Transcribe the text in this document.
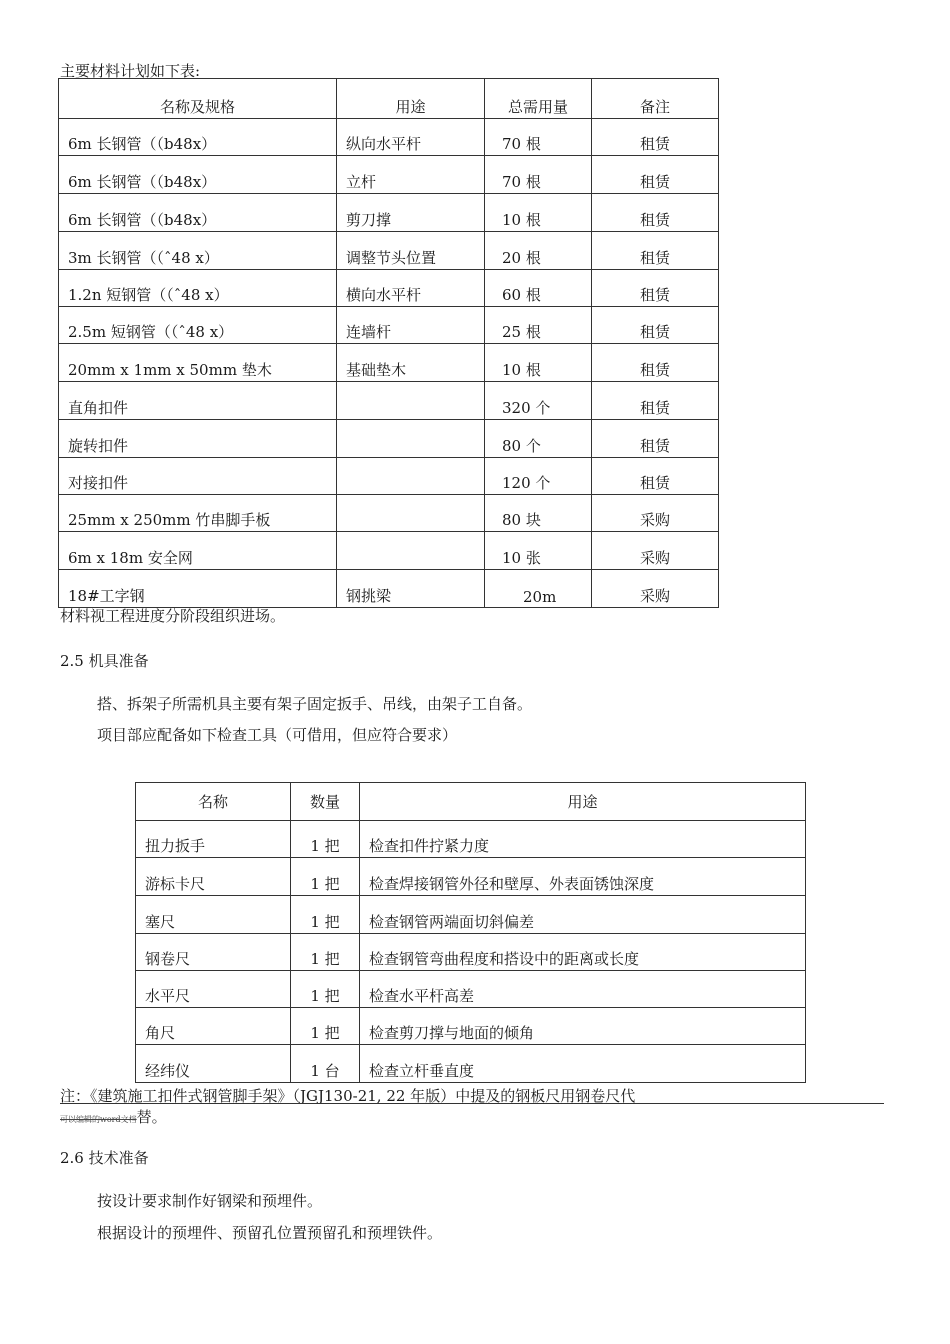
主要材料计划如下表:
名称及规格	用途	总需用量	备注
6m 长钢管（（b48x）	纵向水平杆	70 根	租赁
6m 长钢管（（b48x）	立杆	70 根	租赁
6m 长钢管（（b48x）	剪刀撑	10 根	租赁
3m 长钢管（（ˆ48 x）	调整节头位置	20 根	租赁
1.2n 短钢管（（ˆ48 x）	横向水平杆	60 根	租赁
2.5m 短钢管（（ˆ48 x）	连墙杆	25 根	租赁
20mm x 1mm x 50mm 垫木	基础垫木	10 根	租赁
直角扣件		320 个	租赁
旋转扣件		80 个	租赁
对接扣件		120 个	租赁
25mm x 250mm 竹串脚手板		80 块	采购
6m x 18m 安全网		10 张	采购
18#工字钢	钢挑梁	20m	采购
材料视工程进度分阶段组织进场。
2.5 机具准备
搭、拆架子所需机具主要有架子固定扳手、吊线，由架子工自备。
项目部应配备如下检查工具（可借用，但应符合要求）
名称	数量	用途
扭力扳手	1 把	检查扣件拧紧力度
游标卡尺	1 把	检查焊接钢管外径和壁厚、外表面锈蚀深度
塞尺	1 把	检查钢管两端面切斜偏差
钢卷尺	1 把	检查钢管弯曲程度和搭设中的距离或长度
水平尺	1 把	检查水平杆高差
角尺	1 把	检查剪刀撑与地面的倾角
经纬仪	1 台	检查立杆垂直度
注：《建筑施工扣件式钢管脚手架》（JGJ130-21, 22 年版）中提及的钢板尺用钢卷尺代
可以编辑的word文档替。
2.6 技术准备
按设计要求制作好钢梁和预埋件。
根据设计的预埋件、预留孔位置预留孔和预埋铁件。
